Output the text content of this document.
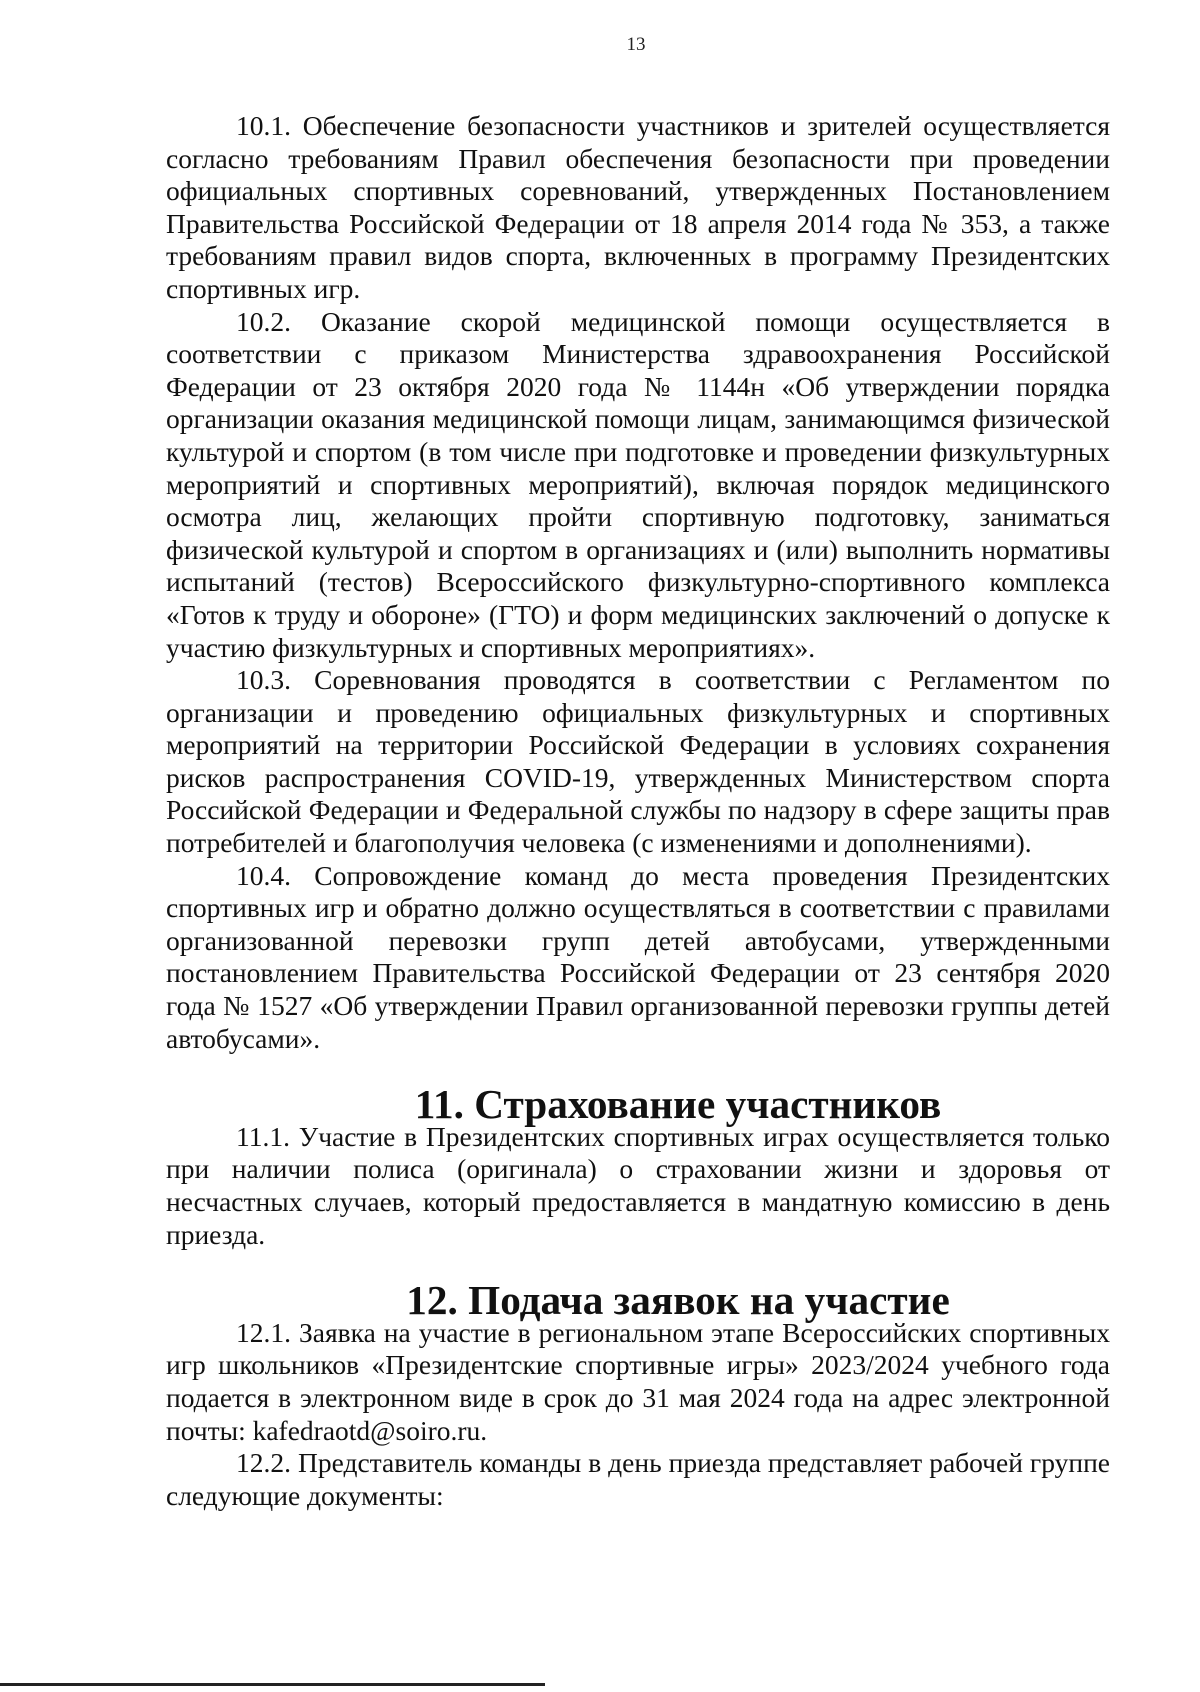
13

10.1. Обеспечение безопасности участников и зрителей осуществляется согласно требованиям Правил обеспечения безопасности при проведении официальных спортивных соревнований, утвержденных Постановлением Правительства Российской Федерации от 18 апреля 2014 года № 353, а также требованиям правил видов спорта, включенных в программу Президентских спортивных игр.

10.2. Оказание скорой медицинской помощи осуществляется в соответствии с приказом Министерства здравоохранения Российской Федерации от 23 октября 2020 года № 1144н «Об утверждении порядка организации оказания медицинской помощи лицам, занимающимся физической культурой и спортом (в том числе при подготовке и проведении физкультурных мероприятий и спортивных мероприятий), включая порядок медицинского осмотра лиц, желающих пройти спортивную подготовку, заниматься физической культурой и спортом в организациях и (или) выполнить нормативы испытаний (тестов) Всероссийского физкультурно-спортивного комплекса «Готов к труду и обороне» (ГТО) и форм медицинских заключений о допуске к участию физкультурных и спортивных мероприятиях».

10.3. Соревнования проводятся в соответствии с Регламентом по организации и проведению официальных физкультурных и спортивных мероприятий на территории Российской Федерации в условиях сохранения рисков распространения COVID-19, утвержденных Министерством спорта Российской Федерации и Федеральной службы по надзору в сфере защиты прав потребителей и благополучия человека (с изменениями и дополнениями).

10.4. Сопровождение команд до места проведения Президентских спортивных игр и обратно должно осуществляться в соответствии с правилами организованной перевозки групп детей автобусами, утвержденными постановлением Правительства Российской Федерации от 23 сентября 2020 года № 1527 «Об утверждении Правил организованной перевозки группы детей автобусами».

11. Страхование участников

11.1. Участие в Президентских спортивных играх осуществляется только при наличии полиса (оригинала) о страховании жизни и здоровья от несчастных случаев, который предоставляется в мандатную комиссию в день приезда.

12. Подача заявок на участие

12.1. Заявка на участие в региональном этапе Всероссийских спортивных игр школьников «Президентские спортивные игры» 2023/2024 учебного года подается в электронном виде в срок до 31 мая 2024 года на адрес электронной почты: kafedraotd@soiro.ru.

12.2. Представитель команды в день приезда представляет рабочей группе следующие документы:
